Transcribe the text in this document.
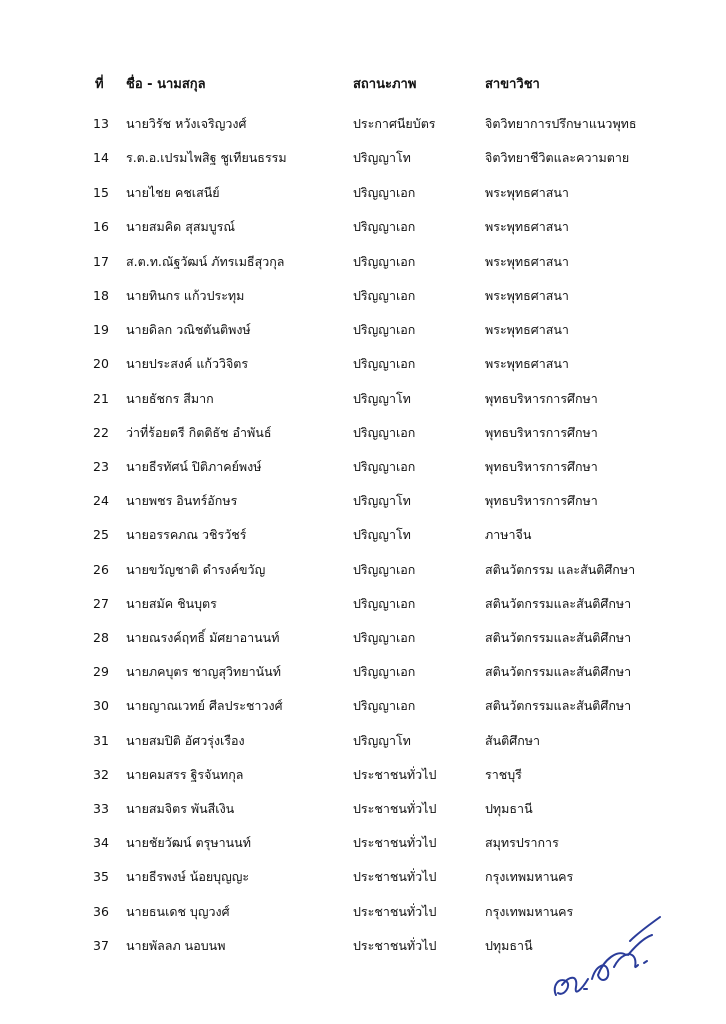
ที่	ชื่อ - นามสกุล	สถานะภาพ	สาขาวิชา
13	นายวิรัช หวังเจริญวงศ์	ประกาศนียบัตร	จิตวิทยาการปรึกษาแนวพุทธ
14	ร.ต.อ.เปรมไพสิฐ ชูเทียนธรรม	ปริญญาโท	จิตวิทยาชีวิตและความตาย
15	นายไชย คชเสนีย์	ปริญญาเอก	พระพุทธศาสนา
16	นายสมคิด สุสมบูรณ์	ปริญญาเอก	พระพุทธศาสนา
17	ส.ต.ท.ณัฐวัฒน์ ภัทรเมธีสุวกุล	ปริญญาเอก	พระพุทธศาสนา
18	นายทินกร แก้วประทุม	ปริญญาเอก	พระพุทธศาสนา
19	นายดิลก วณิชตันติพงษ์	ปริญญาเอก	พระพุทธศาสนา
20	นายประสงค์ แก้ววิจิตร	ปริญญาเอก	พระพุทธศาสนา
21	นายธัชกร สีมาก	ปริญญาโท	พุทธบริหารการศึกษา
22	ว่าที่ร้อยตรี กิตติธัช อำพันธ์	ปริญญาเอก	พุทธบริหารการศึกษา
23	นายธีรทัศน์ ปิติภาคย์พงษ์	ปริญญาเอก	พุทธบริหารการศึกษา
24	นายพชร อินทร์อักษร	ปริญญาโท	พุทธบริหารการศึกษา
25	นายอรรคภณ วชิรวัชร์	ปริญญาโท	ภาษาจีน
26	นายขวัญชาติ ดำรงค์ขวัญ	ปริญญาเอก	สตินวัตกรรม และสันติศึกษา
27	นายสมัค ชินบุตร	ปริญญาเอก	สตินวัตกรรมและสันติศึกษา
28	นายณรงค์ฤทธิ์ มัศยาอานนท์	ปริญญาเอก	สตินวัตกรรมและสันติศึกษา
29	นายภคบุตร ชาญสุวิทยานันท์	ปริญญาเอก	สตินวัตกรรมและสันติศึกษา
30	นายญาณเวทย์ ศีลประชาวงศ์	ปริญญาเอก	สตินวัตกรรมและสันติศึกษา
31	นายสมปิติ อัศวรุ่งเรือง	ปริญญาโท	สันติศึกษา
32	นายคมสรร ฐิรจันทกุล	ประชาชนทั่วไป	ราชบุรี
33	นายสมจิตร พันสีเงิน	ประชาชนทั่วไป	ปทุมธานี
34	นายชัยวัฒน์ ตรุษานนท์	ประชาชนทั่วไป	สมุทรปราการ
35	นายธีรพงษ์ น้อยบุญญะ	ประชาชนทั่วไป	กรุงเทพมหานคร
36	นายธนเดช บุญวงศ์	ประชาชนทั่วไป	กรุงเทพมหานคร
37	นายพัลลภ นอบนพ	ประชาชนทั่วไป	ปทุมธานี
